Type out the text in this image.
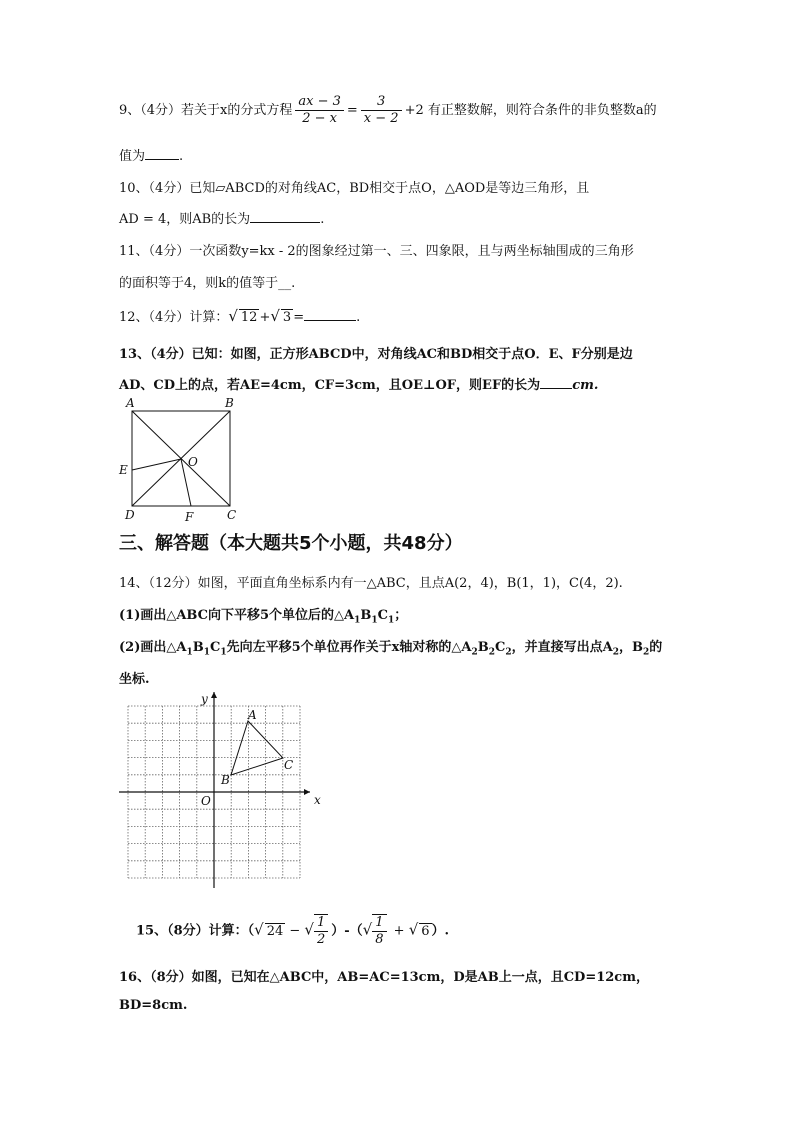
9、（4分）若关于x的分式方程 $\frac{ax - 3}{2 - x} = \frac{3}{x - 2} +2$ 有正整数解，则符合条件的非负整数a的
值为	.
10、（4分）已知▱ABCD的对角线AC，BD相交于点O，△AOD是等边三角形，且
AD = 4，则AB的长为	.
11、（4分）一次函数y=kx - 2的图象经过第一、三、四象限，且与两坐标轴围成的三角形
的面积等于4，则k的值等于__.
12、（4分）计算：√ 12 +√ 3 =	.
13、（4分）已知：如图，正方形ABCD中，对角线AC和BD相交于点O．E、F分别是边
AD、CD上的点，若AE=4cm，CF=3cm，且OE⊥OF，则EF的长为 cm.
A	B
C
D
E
F
O
三、解答题（本大题共5个小题，共48分）
14、（12分）如图，平面直角坐标系内有一△ABC，且点A(2，4)，B(1，1)，C(4，2).
(1)画出△ABC向下平移5个单位后的$\triangle A_1B_1C_1$；
(2)画出$\triangle A_1B_1C_1$先向左平移5个单位再作关于x轴对称的$\triangle A_2B_2C_2$，并直接写出点$A_2$，$B_2$的
坐标.
x
y
O
A
B
C
15、（8分）计算：（√ 24 − √ $\frac{1}{2}$ ）-（√ $\frac{1}{8}$ + √ 6 ）.
16、（8分）如图，已知在△ABC中，AB=AC=13cm，D是AB上一点，且CD=12cm，
BD=8cm.
